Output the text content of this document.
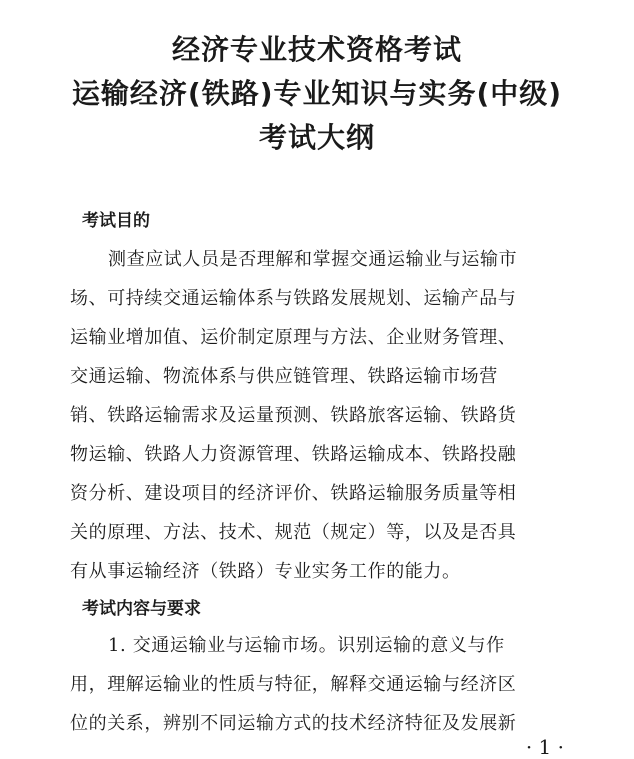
经济专业技术资格考试
运输经济(铁路)专业知识与实务(中级)
考试大纲
考试目的
测查应试人员是否理解和掌握交通运输业与运输市
场、可持续交通运输体系与铁路发展规划、运输产品与
运输业增加值、运价制定原理与方法、企业财务管理、
交通运输、物流体系与供应链管理、铁路运输市场营
销、铁路运输需求及运量预测、铁路旅客运输、铁路货
物运输、铁路人力资源管理、铁路运输成本、铁路投融
资分析、建设项目的经济评价、铁路运输服务质量等相
关的原理、方法、技术、规范（规定）等，以及是否具
有从事运输经济（铁路）专业实务工作的能力。
考试内容与要求
1. 交通运输业与运输市场。识别运输的意义与作
用，理解运输业的性质与特征，解释交通运输与经济区
位的关系，辨别不同运输方式的技术经济特征及发展新
· 1 ·
